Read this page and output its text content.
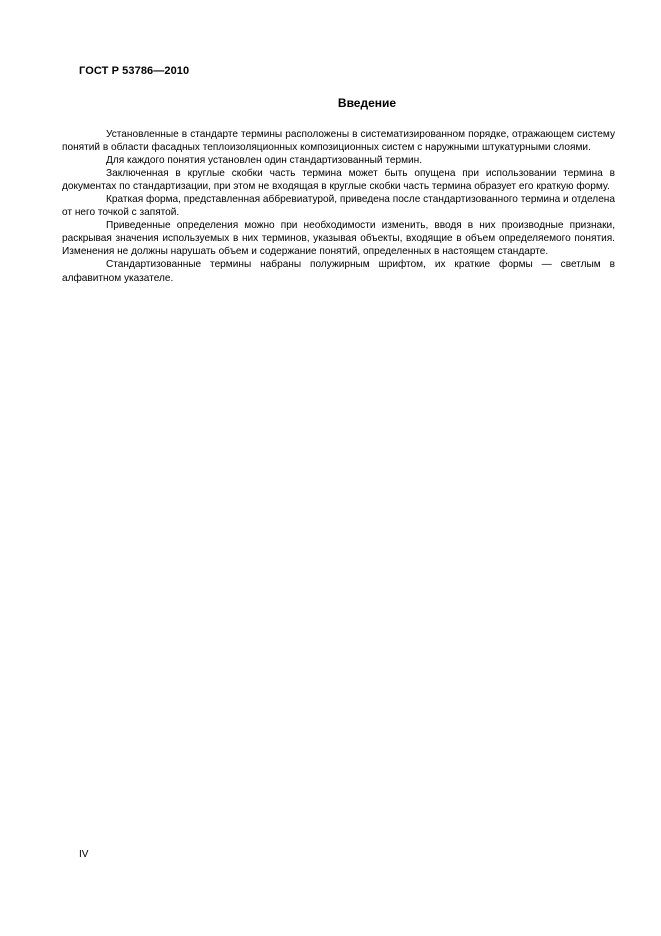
ГОСТ Р 53786—2010
Введение

Установленные в стандарте термины расположены в систематизированном порядке, отражающем систему понятий в области фасадных теплоизоляционных композиционных систем с наружными штукатурными слоями.

Для каждого понятия установлен один стандартизованный термин.

Заключенная в круглые скобки часть термина может быть опущена при использовании термина в документах по стандартизации, при этом не входящая в круглые скобки часть термина образует его краткую форму.

Краткая форма, представленная аббревиатурой, приведена после стандартизованного термина и отделена от него точкой с запятой.

Приведенные определения можно при необходимости изменить, вводя в них производные признаки, раскрывая значения используемых в них терминов, указывая объекты, входящие в объем определяемого понятия. Изменения не должны нарушать объем и содержание понятий, определенных в настоящем стандарте.

Стандартизованные термины набраны полужирным шрифтом, их краткие формы — светлым в алфавитном указателе.

IV
